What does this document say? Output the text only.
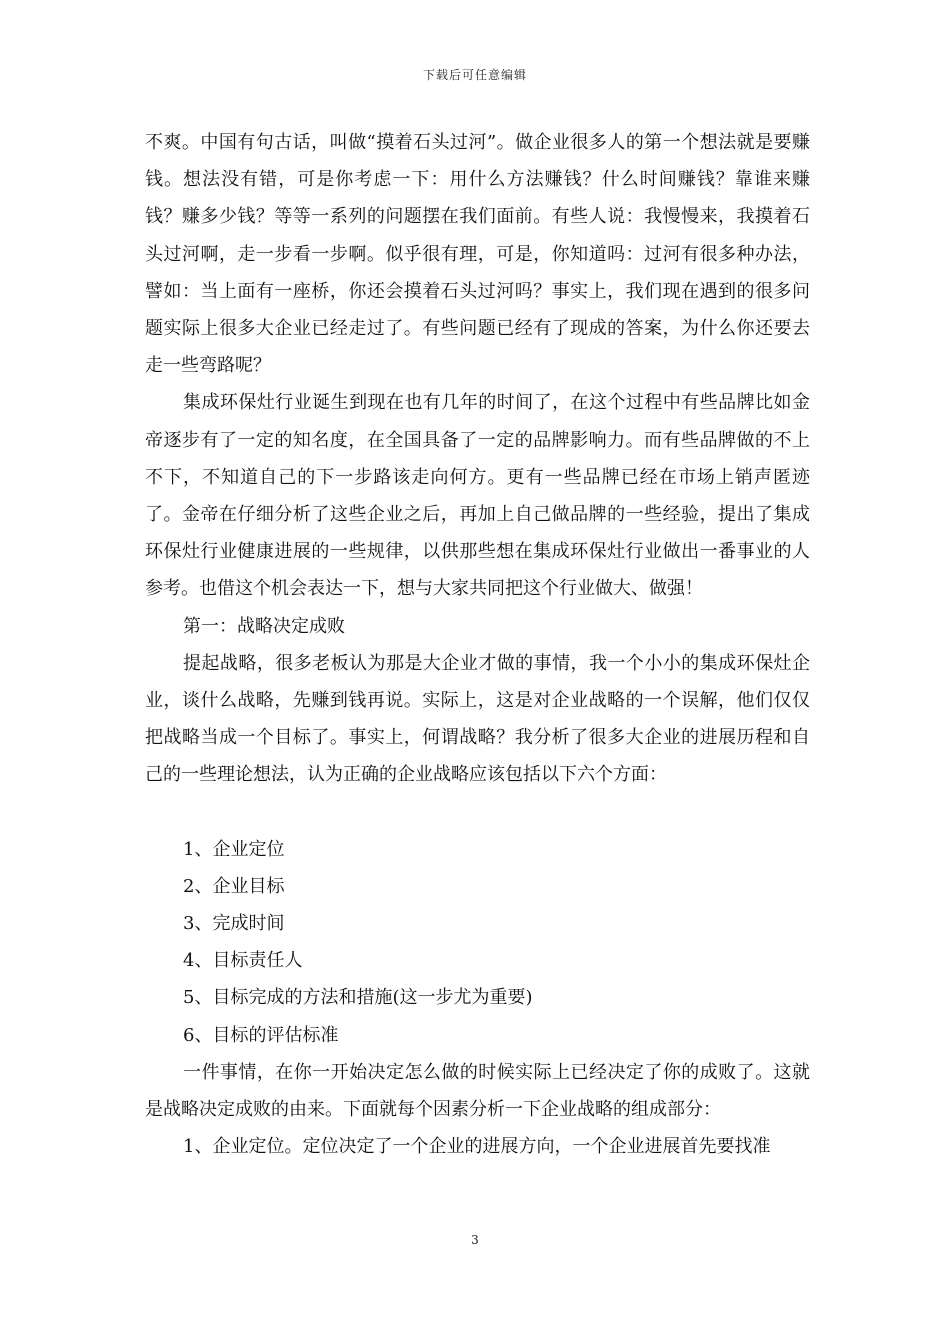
下载后可任意编辑

不爽。中国有句古话，叫做“摸着石头过河”。做企业很多人的第一个想法就是要赚钱。想法没有错，可是你考虑一下：用什么方法赚钱？什么时间赚钱？靠谁来赚钱？赚多少钱？等等一系列的问题摆在我们面前。有些人说：我慢慢来，我摸着石头过河啊，走一步看一步啊。似乎很有理，可是，你知道吗：过河有很多种办法，譬如：当上面有一座桥，你还会摸着石头过河吗？事实上，我们现在遇到的很多问题实际上很多大企业已经走过了。有些问题已经有了现成的答案，为什么你还要去走一些弯路呢？

集成环保灶行业诞生到现在也有几年的时间了，在这个过程中有些品牌比如金帝逐步有了一定的知名度，在全国具备了一定的品牌影响力。而有些品牌做的不上不下，不知道自己的下一步路该走向何方。更有一些品牌已经在市场上销声匿迹了。金帝在仔细分析了这些企业之后，再加上自己做品牌的一些经验，提出了集成环保灶行业健康进展的一些规律，以供那些想在集成环保灶行业做出一番事业的人参考。也借这个机会表达一下，想与大家共同把这个行业做大、做强！

第一：战略决定成败

提起战略，很多老板认为那是大企业才做的事情，我一个小小的集成环保灶企业，谈什么战略，先赚到钱再说。实际上，这是对企业战略的一个误解，他们仅仅把战略当成一个目标了。事实上，何谓战略？我分析了很多大企业的进展历程和自己的一些理论想法，认为正确的企业战略应该包括以下六个方面：

1、企业定位

2、企业目标

3、完成时间

4、目标责任人

5、目标完成的方法和措施(这一步尤为重要)

6、目标的评估标准

一件事情，在你一开始决定怎么做的时候实际上已经决定了你的成败了。这就是战略决定成败的由来。下面就每个因素分析一下企业战略的组成部分：

1、企业定位。定位决定了一个企业的进展方向，一个企业进展首先要找准

3
